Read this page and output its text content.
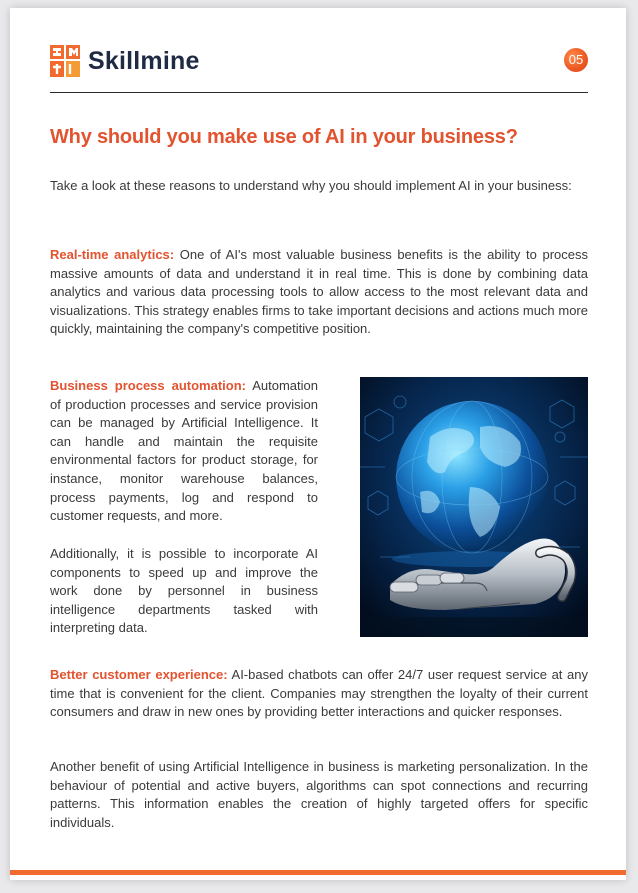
Skillmine	05
Why should you make use of AI in your business?

Take a look at these reasons to understand why you should implement AI in your business:

Real-time analytics: One of AI's most valuable business benefits is the ability to process massive amounts of data and understand it in real time. This is done by combining data analytics and various data processing tools to allow access to the most relevant data and visualizations. This strategy enables firms to take important decisions and actions much more quickly, maintaining the company's competitive position.

Business process automation: Automation of production processes and service provision can be managed by Artificial Intelligence. It can handle and maintain the requisite environmental factors for product storage, for instance, monitor warehouse balances, process payments, log and respond to customer requests, and more.

Additionally, it is possible to incorporate AI components to speed up and improve the work done by personnel in business intelligence departments tasked with interpreting data.

Better customer experience: AI-based chatbots can offer 24/7 user request service at any time that is convenient for the client. Companies may strengthen the loyalty of their current consumers and draw in new ones by providing better interactions and quicker responses.

Another benefit of using Artificial Intelligence in business is marketing personalization. In the behaviour of potential and active buyers, algorithms can spot connections and recurring patterns. This information enables the creation of highly targeted offers for specific individuals.
